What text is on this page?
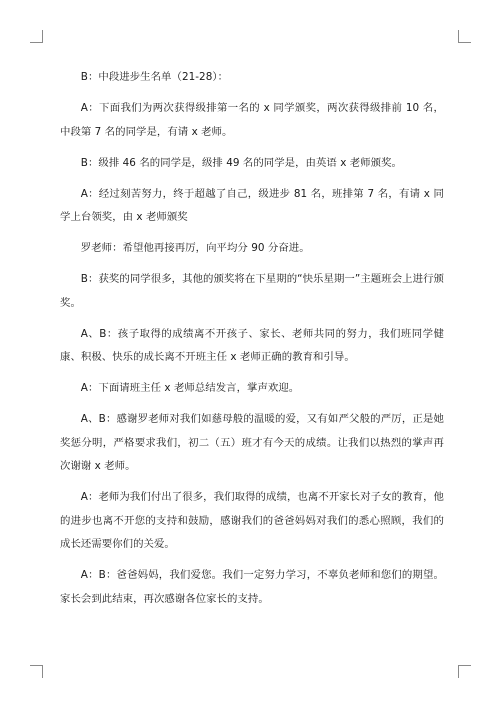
B：中段进步生名单（21-28）：

A：下面我们为两次获得级排第一名的 x 同学颁奖，两次获得级排前 10 名，中段第 7 名的同学是，有请 x 老师。

B：级排 46 名的同学是，级排 49 名的同学是，由英语 x 老师颁奖。

A：经过刻苦努力，终于超越了自己，级进步 81 名，班排第 7 名，有请 x 同学上台领奖，由 x 老师颁奖

罗老师：希望他再接再厉，向平均分 90 分奋进。

B：获奖的同学很多，其他的颁奖将在下星期的“快乐星期一”主题班会上进行颁奖。

A、B：孩子取得的成绩离不开孩子、家长、老师共同的努力，我们班同学健康、积极、快乐的成长离不开班主任 x 老师正确的教育和引导。

A：下面请班主任 x 老师总结发言，掌声欢迎。

A、B：感谢罗老师对我们如慈母般的温暖的爱，又有如严父般的严厉，正是她奖惩分明，严格要求我们，初二（五）班才有今天的成绩。让我们以热烈的掌声再次谢谢 x 老师。

A：老师为我们付出了很多，我们取得的成绩，也离不开家长对子女的教育，他的进步也离不开您的支持和鼓励，感谢我们的爸爸妈妈对我们的悉心照顾，我们的成长还需要你们的关爱。

A：B：爸爸妈妈，我们爱您。我们一定努力学习，不辜负老师和您们的期望。家长会到此结束，再次感谢各位家长的支持。
